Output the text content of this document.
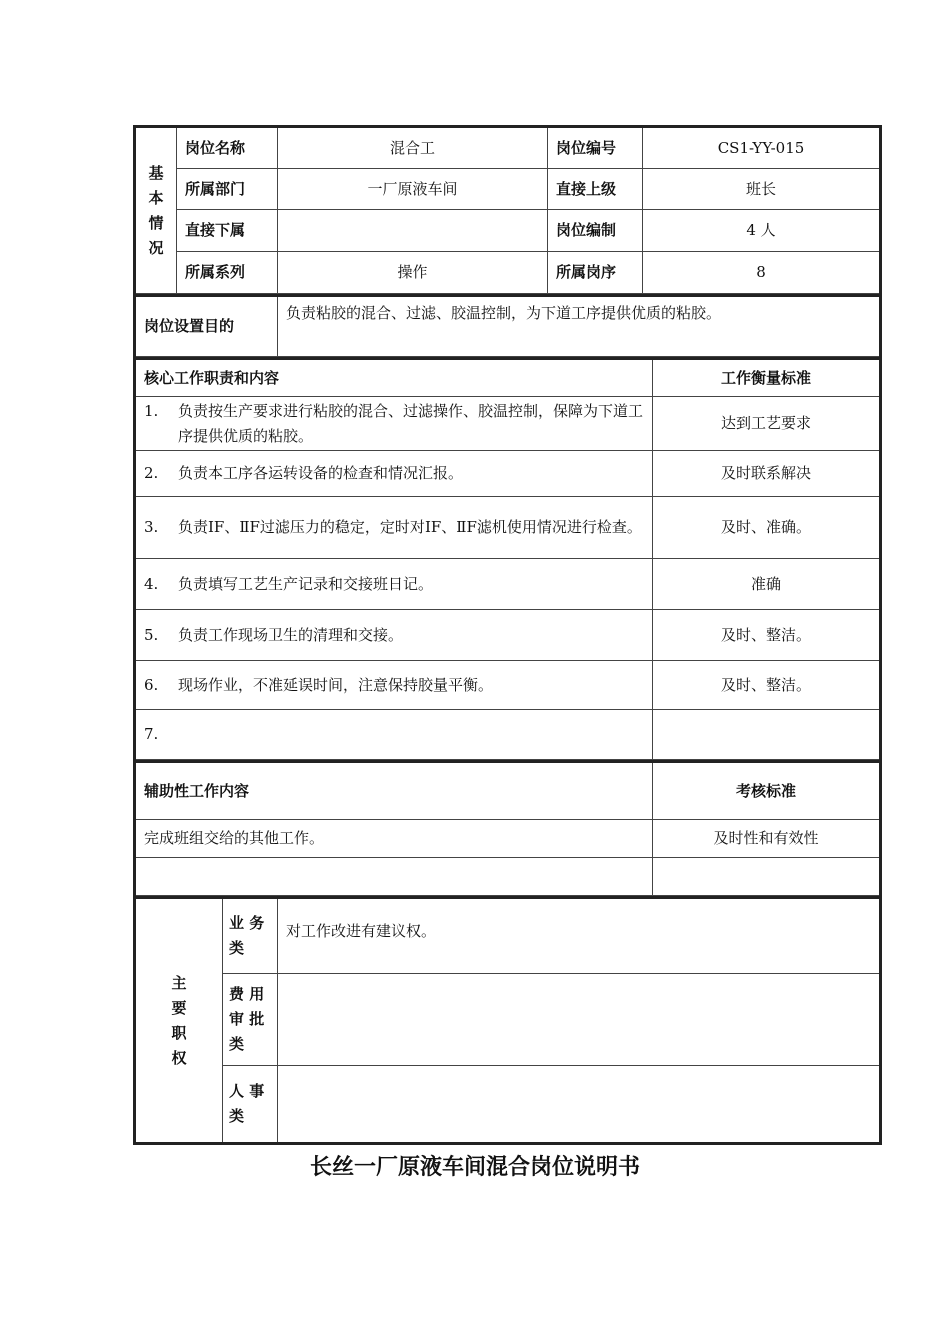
基
本
情
况	岗位名称	混合工	岗位编号	CS1-YY-015
	所属部门	一厂原液车间	直接上级	班长
	直接下属		岗位编制	4 人
	所属系列	操作	所属岗序	8
岗位设置目的	负责粘胶的混合、过滤、胶温控制，为下道工序提供优质的粘胶。
核心工作职责和内容	工作衡量标准

1. 负责按生产要求进行粘胶的混合、过滤操作、胶温控制，保障为下道工序提供优质的粘胶。	达到工艺要求

2. 负责本工序各运转设备的检查和情况汇报。	及时联系解决

3. 负责ⅠF、ⅡF过滤压力的稳定，定时对ⅠF、ⅡF滤机使用情况进行检查。	及时、准确。

4. 负责填写工艺生产记录和交接班日记。	准确

5. 负责工作现场卫生的清理和交接。	及时、整洁。

6. 现场作业，不准延误时间，注意保持胶量平衡。	及时、整洁。

7.	

辅助性工作内容	考核标准
完成班组交给的其他工作。	及时性和有效性

主
要
职
权	业 务 类	对工作改进有建议权。
	费 用 审 批 类	
	人 事 类	
长丝一厂原液车间混合岗位说明书
